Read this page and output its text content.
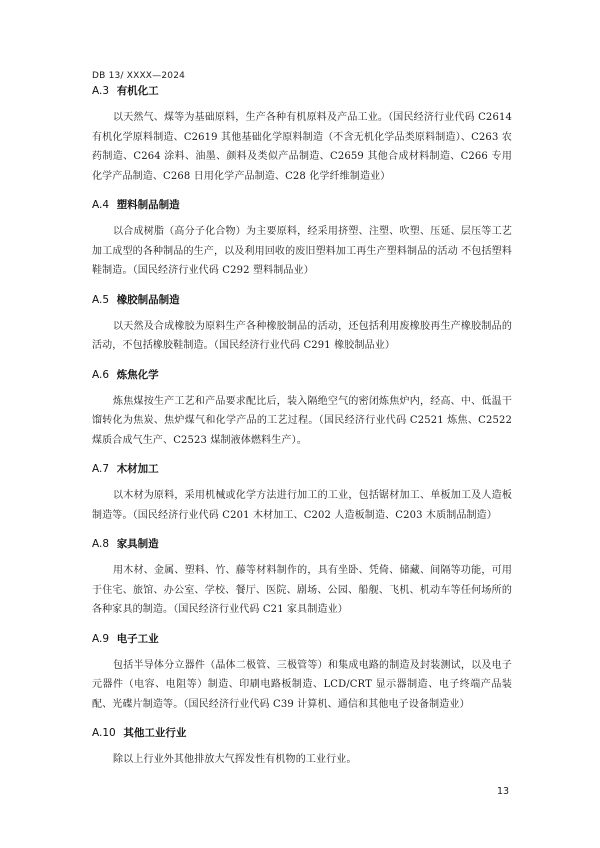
DB 13/ XXXX—2024
A.3 有机化工

以天然气、煤等为基础原料，生产各种有机原料及产品工业。（国民经济行业代码 C2614 有机化学原料制造、C2619 其他基础化学原料制造（不含无机化学品类原料制造）、C263 农药制造、C264 涂料、油墨、颜料及类似产品制造、C2659 其他合成材料制造、C266 专用化学产品制造、C268 日用化学产品制造、C28 化学纤维制造业）

A.4 塑料制品制造

以合成树脂（高分子化合物）为主要原料，经采用挤塑、注塑、吹塑、压延、层压等工艺加工成型的各种制品的生产，以及利用回收的废旧塑料加工再生产塑料制品的活动 不包括塑料鞋制造。（国民经济行业代码 C292 塑料制品业）

A.5 橡胶制品制造

以天然及合成橡胶为原料生产各种橡胶制品的活动，还包括利用废橡胶再生产橡胶制品的活动，不包括橡胶鞋制造。（国民经济行业代码 C291 橡胶制品业）

A.6 炼焦化学

炼焦煤按生产工艺和产品要求配比后，装入隔绝空气的密闭炼焦炉内，经高、中、低温干馏转化为焦炭、焦炉煤气和化学产品的工艺过程。（国民经济行业代码 C2521 炼焦、C2522 煤质合成气生产、C2523 煤制液体燃料生产）。

A.7 木材加工

以木材为原料，采用机械或化学方法进行加工的工业，包括锯材加工、单板加工及人造板制造等。（国民经济行业代码 C201 木材加工、C202 人造板制造、C203 木质制品制造）

A.8 家具制造

用木材、金属、塑料、竹、藤等材料制作的，具有坐卧、凭倚、储藏、间隔等功能，可用于住宅、旅馆、办公室、学校、餐厅、医院、剧场、公园、船舰、飞机、机动车等任何场所的各种家具的制造。（国民经济行业代码 C21 家具制造业）

A.9 电子工业

包括半导体分立器件（晶体二极管、三极管等）和集成电路的制造及封装测试，以及电子元器件（电容、电阻等）制造、印刷电路板制造、LCD/CRT 显示器制造、电子终端产品装配、光碟片制造等。（国民经济行业代码 C39 计算机、通信和其他电子设备制造业）

A.10 其他工业行业

除以上行业外其他排放大气挥发性有机物的工业行业。

13
